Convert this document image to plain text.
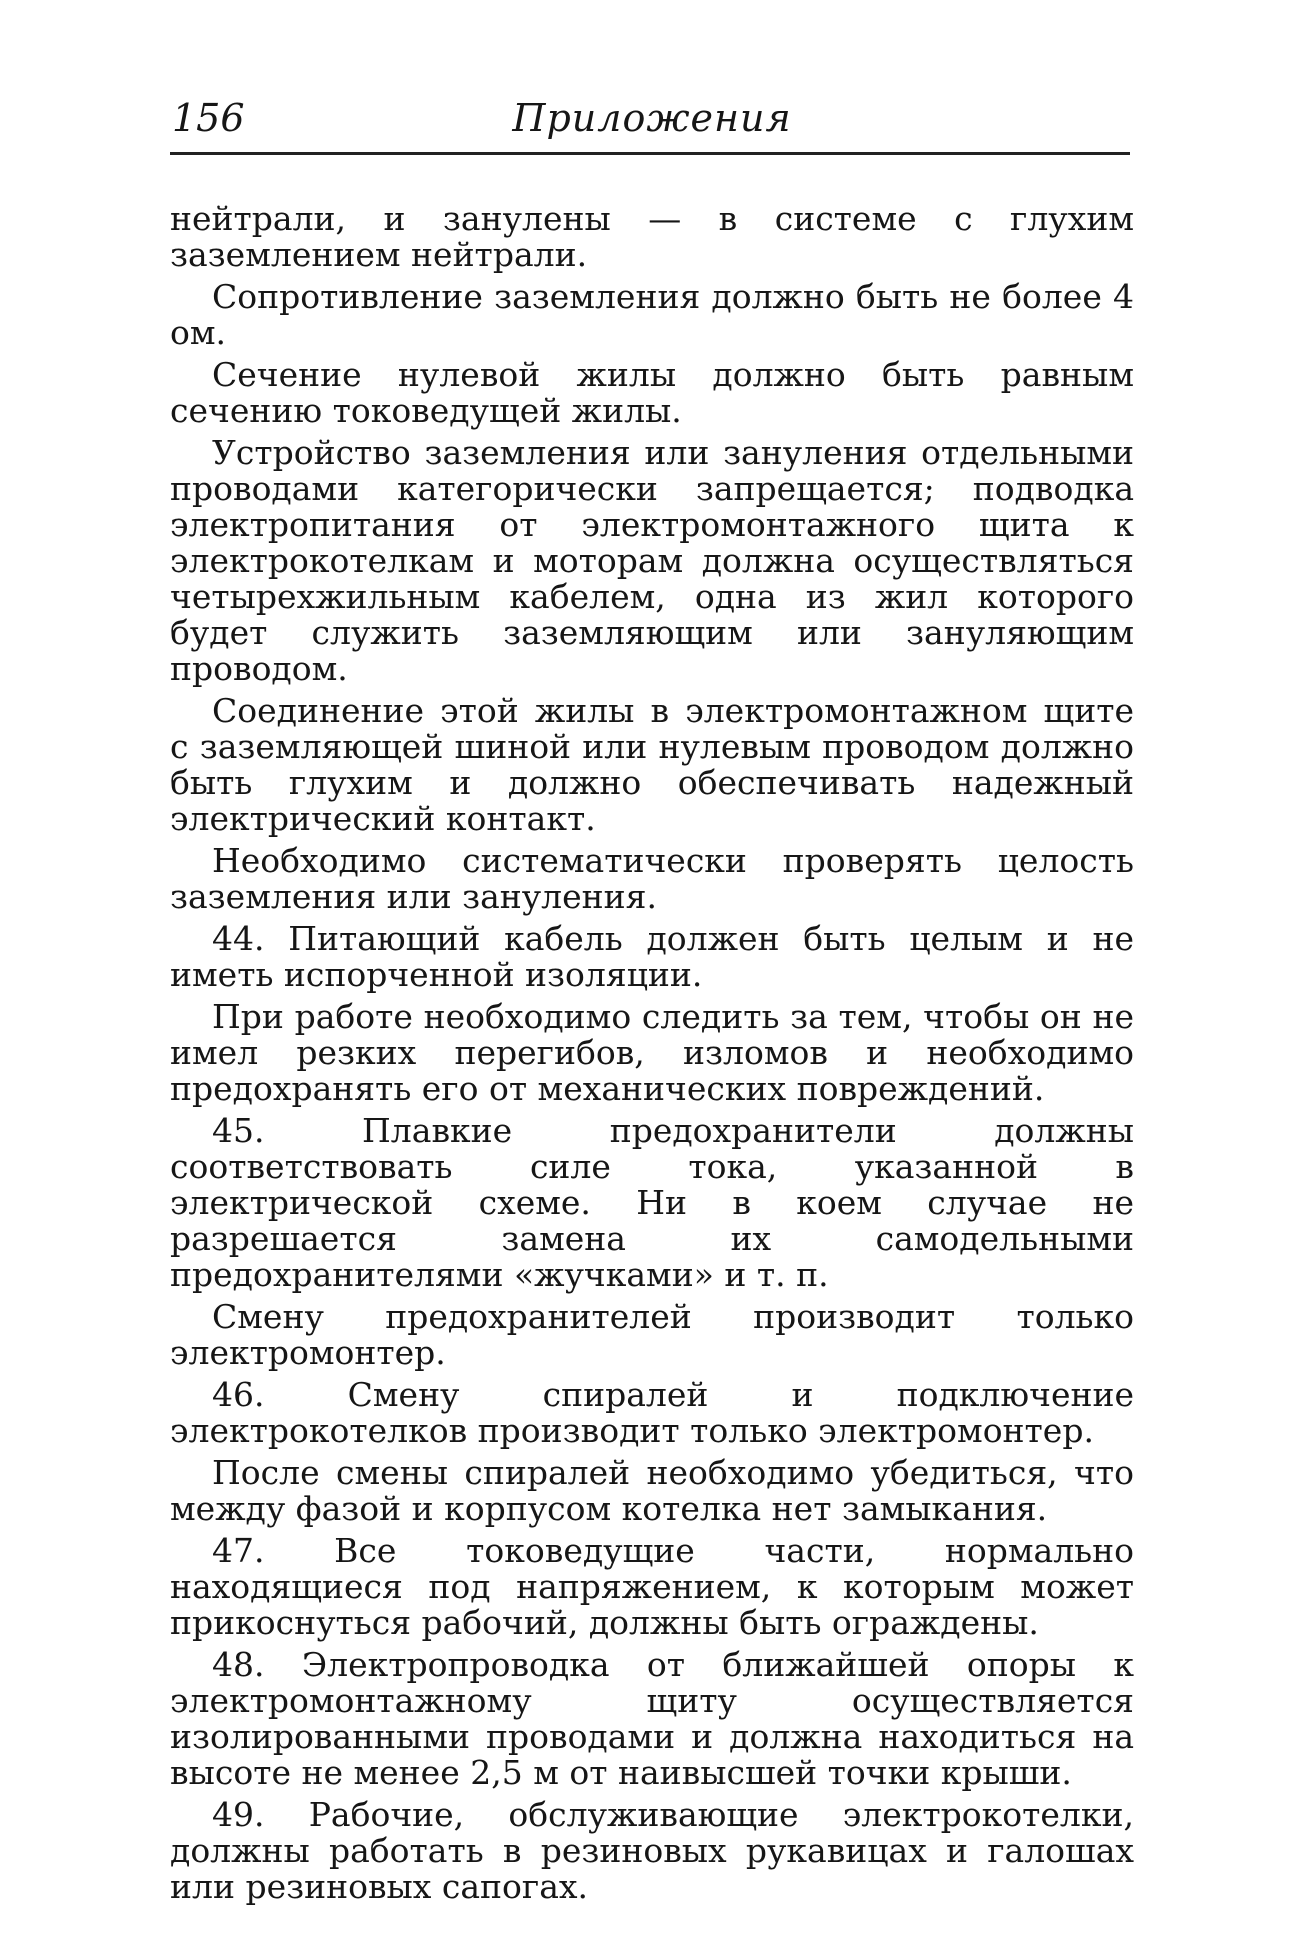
156	Приложения

нейтрали, и занулены — в системе с глухим заземлением нейтрали.

Сопротивление заземления должно быть не более 4 ом.

Сечение нулевой жилы должно быть равным сечению токоведущей жилы.

Устройство заземления или зануления отдельными проводами категорически запрещается; подводка электропитания от электромонтажного щита к электрокотелкам и моторам должна осуществляться четырехжильным кабелем, одна из жил которого будет служить заземляющим или зануляющим проводом.

Соединение этой жилы в электромонтажном щите с заземляющей шиной или нулевым проводом должно быть глухим и должно обеспечивать надежный электрический контакт.

Необходимо систематически проверять целость заземления или зануления.

44. Питающий кабель должен быть целым и не иметь испорченной изоляции.

При работе необходимо следить за тем, чтобы он не имел резких перегибов, изломов и необходимо предохранять его от механических повреждений.

45. Плавкие предохранители должны соответствовать силе тока, указанной в электрической схеме. Ни в коем случае не разрешается замена их самодельными предохранителями «жучками» и т. п.

Смену предохранителей производит только электромонтер.

46. Смену спиралей и подключение электрокотелков производит только электромонтер.

После смены спиралей необходимо убедиться, что между фазой и корпусом котелка нет замыкания.

47. Все токоведущие части, нормально находящиеся под напряжением, к которым может прикоснуться рабочий, должны быть ограждены.

48. Электропроводка от ближайшей опоры к электромонтажному щиту осуществляется изолированными проводами и должна находиться на высоте не менее 2,5 м от наивысшей точки крыши.

49. Рабочие, обслуживающие электрокотелки, должны работать в резиновых рукавицах и галошах или резиновых сапогах.
